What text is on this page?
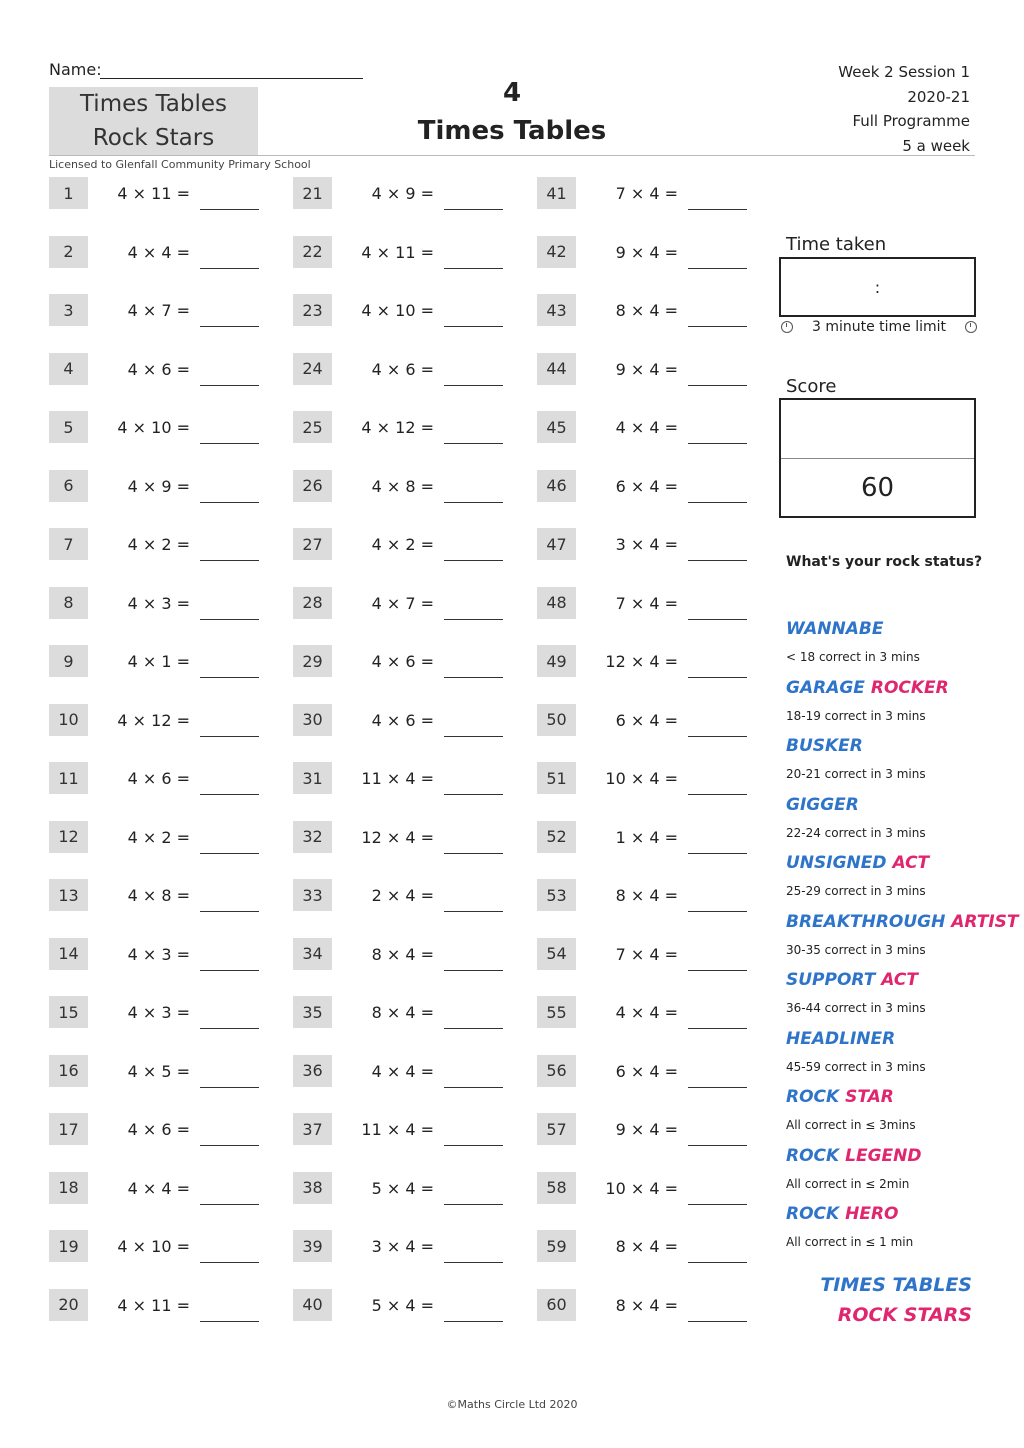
Name:
Times Tables
Rock Stars
4
Times Tables
Week 2 Session 1
2020-21
Full Programme
5 a week
Licensed to Glenfall Community Primary School
1	4 × 11 =
2	4 × 4 =
3	4 × 7 =
4	4 × 6 =
5	4 × 10 =
6	4 × 9 =
7	4 × 2 =
8	4 × 3 =
9	4 × 1 =
10	4 × 12 =
11	4 × 6 =
12	4 × 2 =
13	4 × 8 =
14	4 × 3 =
15	4 × 3 =
16	4 × 5 =
17	4 × 6 =
18	4 × 4 =
19	4 × 10 =
20	4 × 11 =
21	4 × 9 =
22	4 × 11 =
23	4 × 10 =
24	4 × 6 =
25	4 × 12 =
26	4 × 8 =
27	4 × 2 =
28	4 × 7 =
29	4 × 6 =
30	4 × 6 =
31	11 × 4 =
32	12 × 4 =
33	2 × 4 =
34	8 × 4 =
35	8 × 4 =
36	4 × 4 =
37	11 × 4 =
38	5 × 4 =
39	3 × 4 =
40	5 × 4 =
41	7 × 4 =
42	9 × 4 =
43	8 × 4 =
44	9 × 4 =
45	4 × 4 =
46	6 × 4 =
47	3 × 4 =
48	7 × 4 =
49	12 × 4 =
50	6 × 4 =
51	10 × 4 =
52	1 × 4 =
53	8 × 4 =
54	7 × 4 =
55	4 × 4 =
56	6 × 4 =
57	9 × 4 =
58	10 × 4 =
59	8 × 4 =
60	8 × 4 =
Time taken
:
3 minute time limit
Score
60
What's your rock status?
WANNABE
< 18 correct in 3 mins
GARAGE ROCKER
18-19 correct in 3 mins
BUSKER
20-21 correct in 3 mins
GIGGER
22-24 correct in 3 mins
UNSIGNED ACT
25-29 correct in 3 mins
BREAKTHROUGH ARTIST
30-35 correct in 3 mins
SUPPORT ACT
36-44 correct in 3 mins
HEADLINER
45-59 correct in 3 mins
ROCK STAR
All correct in ≤ 3mins
ROCK LEGEND
All correct in ≤ 2min
ROCK HERO
All correct in ≤ 1 min
TIMES TABLES
ROCK STARS
©Maths Circle Ltd 2020
